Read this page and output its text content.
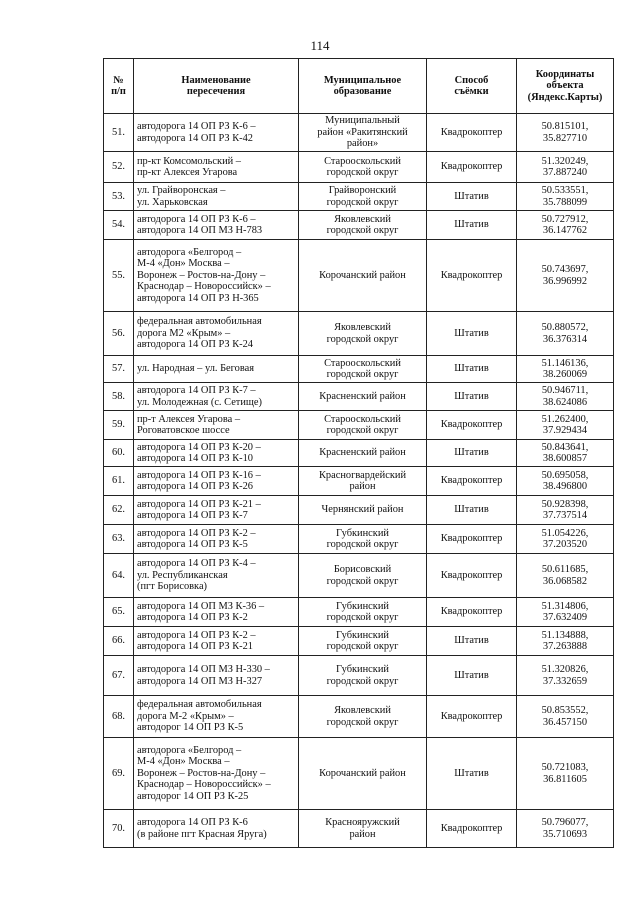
114
№
п/п	Наименование
пересечения	Муниципальное
образование	Способ
съёмки	Координаты
объекта
(Яндекс.Карты)

51.	автодорога 14 ОП РЗ К-6 –
автодорога 14 ОП РЗ К-42	Муниципальный
район «Ракитянский
район»	Квадрокоптер	50.815101,
35.827710

52.	пр-кт Комсомольский –
пр-кт Алексея Угарова	Старооскольский
городской округ	Квадрокоптер	51.320249,
37.887240

53.	ул. Грайворонская –
ул. Харьковская	Грайворонский
городской округ	Штатив	50.533551,
35.788099

54.	автодорога 14 ОП РЗ К-6 –
автодорога 14 ОП МЗ Н-783	Яковлевский
городской округ	Штатив	50.727912,
36.147762

55.	автодорога «Белгород –
М-4 «Дон» Москва –
Воронеж – Ростов-на-Дону –
Краснодар – Новороссийск» –
автодорога 14 ОП РЗ Н-365	Корочанский район	Квадрокоптер	50.743697,
36.996992

56.	федеральная автомобильная
дорога М2 «Крым» –
автодорога 14 ОП РЗ К-24	Яковлевский
городской округ	Штатив	50.880572,
36.376314

57.	ул. Народная – ул. Беговая	Старооскольский
городской округ	Штатив	51.146136,
38.260069

58.	автодорога 14 ОП РЗ К-7 –
ул. Молодежная (с. Сетище)	Красненский район	Штатив	50.946711,
38.624086

59.	пр-т Алексея Угарова –
Роговатовское шоссе	Старооскольский
городской округ	Квадрокоптер	51.262400,
37.929434

60.	автодорога 14 ОП РЗ К-20 –
автодорога 14 ОП РЗ К-10	Красненский район	Штатив	50.843641,
38.600857

61.	автодорога 14 ОП РЗ К-16 –
автодорога 14 ОП РЗ К-26	Красногвардейский
район	Квадрокоптер	50.695058,
38.496800

62.	автодорога 14 ОП РЗ К-21 –
автодорога 14 ОП РЗ К-7	Чернянский район	Штатив	50.928398,
37.737514

63.	автодорога 14 ОП РЗ К-2 –
автодорога 14 ОП РЗ К-5	Губкинский
городской округ	Квадрокоптер	51.054226,
37.203520

64.	автодорога 14 ОП РЗ К-4 –
ул. Республиканская
(пгт Борисовка)	Борисовский
городской округ	Квадрокоптер	50.611685,
36.068582

65.	автодорога 14 ОП МЗ К-36 –
автодорога 14 ОП РЗ К-2	Губкинский
городской округ	Квадрокоптер	51.314806,
37.632409

66.	автодорога 14 ОП РЗ К-2 –
автодорога 14 ОП РЗ К-21	Губкинский
городской округ	Штатив	51.134888,
37.263888

67.	автодорога 14 ОП МЗ Н-330 –
автодорога 14 ОП МЗ Н-327	Губкинский
городской округ	Штатив	51.320826,
37.332659

68.	федеральная автомобильная
дорога М-2 «Крым» –
автодорог 14 ОП РЗ К-5	Яковлевский
городской округ	Квадрокоптер	50.853552,
36.457150

69.	автодорога «Белгород –
М-4 «Дон» Москва –
Воронеж – Ростов-на-Дону –
Краснодар – Новороссийск» –
автодорог 14 ОП РЗ К-25	Корочанский район	Штатив	50.721083,
36.811605

70.	автодорога 14 ОП РЗ К-6
(в районе пгт Красная Яруга)	Краснояружский
район	Квадрокоптер	50.796077,
35.710693
